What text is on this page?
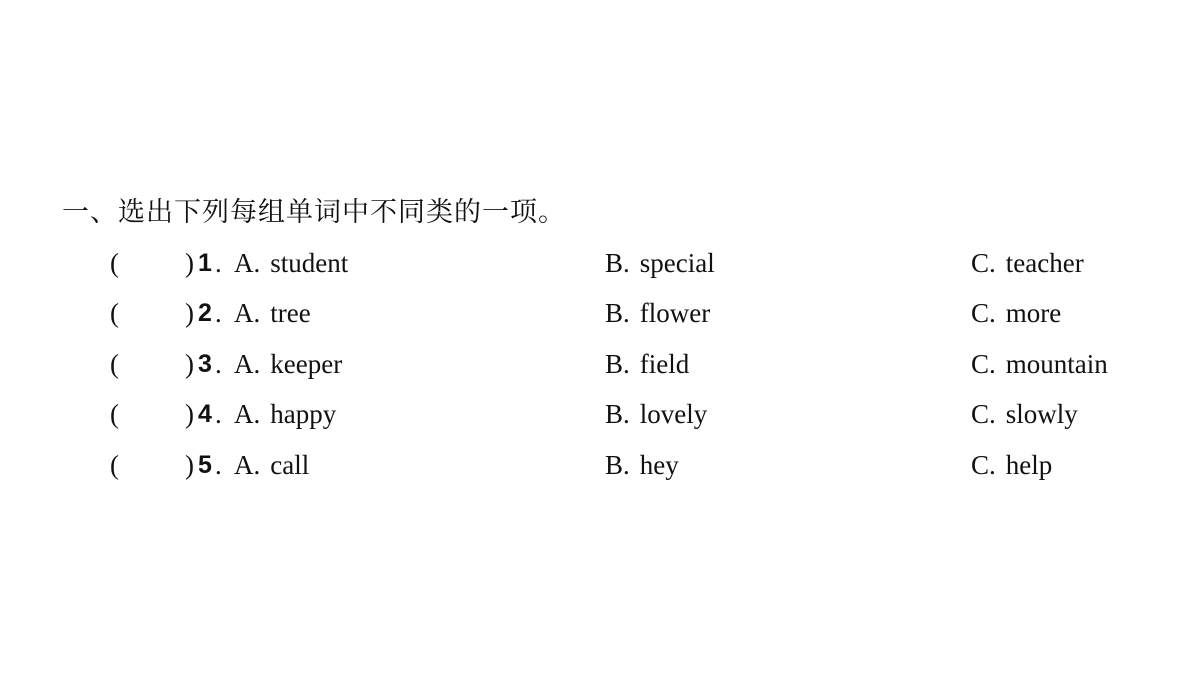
一、选出下列每组单词中不同类的一项。
( ) 1 . A. student	B. special	C. teacher
( ) 2 . A. tree	B. flower	C. more
( ) 3 . A. keeper	B. field	C. mountain
( ) 4 . A. happy	B. lovely	C. slowly
( ) 5 . A. call	B. hey	C. help
